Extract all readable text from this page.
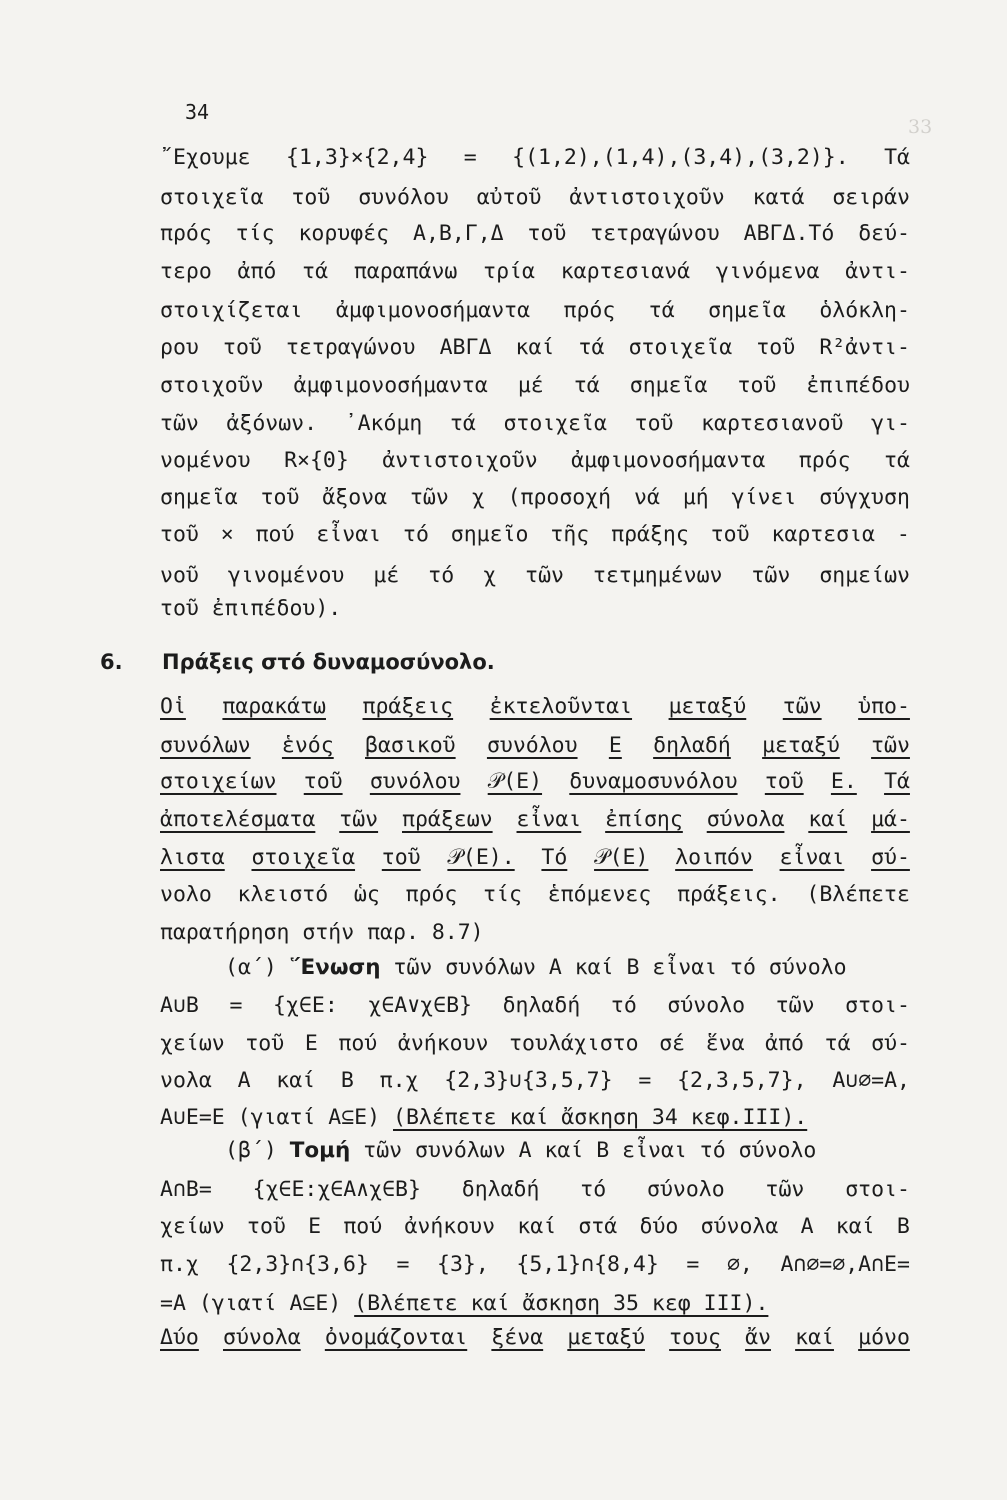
33
34
῎Εχουμε {1,3}×{2,4} = {(1,2),(1,4),(3,4),(3,2)}. Τά
στοιχεῖα τοῦ συνόλου αὐτοῦ ἀντιστοιχοῦν κατά σειράν
πρός τίς κορυφές Α,Β,Γ,Δ τοῦ τετραγώνου ΑΒΓΔ.Τό δεύ-
τερο ἀπό τά παραπάνω τρία καρτεσιανά γινόμενα ἀντι-
στοιχίζεται ἀμφιμονοσήμαντα πρός τά σημεῖα ὁλόκλη-
ρου τοῦ τετραγώνου ΑΒΓΔ καί τά στοιχεῖα τοῦ R²ἀντι-
στοιχοῦν ἀμφιμονοσήμαντα μέ τά σημεῖα τοῦ ἐπιπέδου
τῶν ἀξόνων. ᾿Ακόμη τά στοιχεῖα τοῦ καρτεσιανοῦ γι-
νομένου R×{0} ἀντιστοιχοῦν ἀμφιμονοσήμαντα πρός τά
σημεῖα τοῦ ἄξονα τῶν χ (προσοχή νά μή γίνει σύγχυση
τοῦ × πού εἶναι τό σημεῖο τῆς πράξης τοῦ καρτεσια -
νοῦ γινομένου μέ τό χ τῶν τετμημένων τῶν σημείων
τοῦ ἐπιπέδου).
6. Πράξεις στό δυναμοσύνολο.
Οἱ παρακάτω πράξεις ἐκτελοῦνται μεταξύ τῶν ὑπο-
συνόλων ἑνός βασικοῦ συνόλου Ε δηλαδή μεταξύ τῶν
στοιχείων τοῦ συνόλου 𝒫(Ε) δυναμοσυνόλου τοῦ Ε. Τά
ἀποτελέσματα τῶν πράξεων εἶναι ἐπίσης σύνολα καί μά-
λιστα στοιχεῖα τοῦ 𝒫(Ε). Τό 𝒫(Ε) λοιπόν εἶναι σύ-
νολο κλειστό ὡς πρός τίς ἑπόμενες πράξεις. (Βλέπετε
παρατήρηση στήν παρ. 8.7)
(α΄) ῞Ενωση τῶν συνόλων Α καί Β εἶναι τό σύνολο
Α∪Β = {χ∈Ε: χ∈Α∨χ∈Β} δηλαδή τό σύνολο τῶν στοι-
χείων τοῦ Ε πού ἀνήκουν τουλάχιστο σέ ἕνα ἀπό τά σύ-
νολα Α καί Β π.χ {2,3}∪{3,5,7} = {2,3,5,7}, Α∪∅=Α,
Α∪Ε=Ε (γιατί Α⊆Ε) (Βλέπετε καί ἄσκηση 34 κεφ.III).
(β΄) Τομή τῶν συνόλων Α καί Β εἶναι τό σύνολο
Α∩Β= {χ∈Ε:χ∈Α∧χ∈Β} δηλαδή τό σύνολο τῶν στοι-
χείων τοῦ Ε πού ἀνήκουν καί στά δύο σύνολα Α καί Β
π.χ {2,3}∩{3,6} = {3}, {5,1}∩{8,4} = ∅, Α∩∅=∅,Α∩Ε=
=Α (γιατί Α⊆Ε) (Βλέπετε καί ἄσκηση 35 κεφ III).
Δύο σύνολα ὀνομάζονται ξένα μεταξύ τους ἄν καί μόνο
